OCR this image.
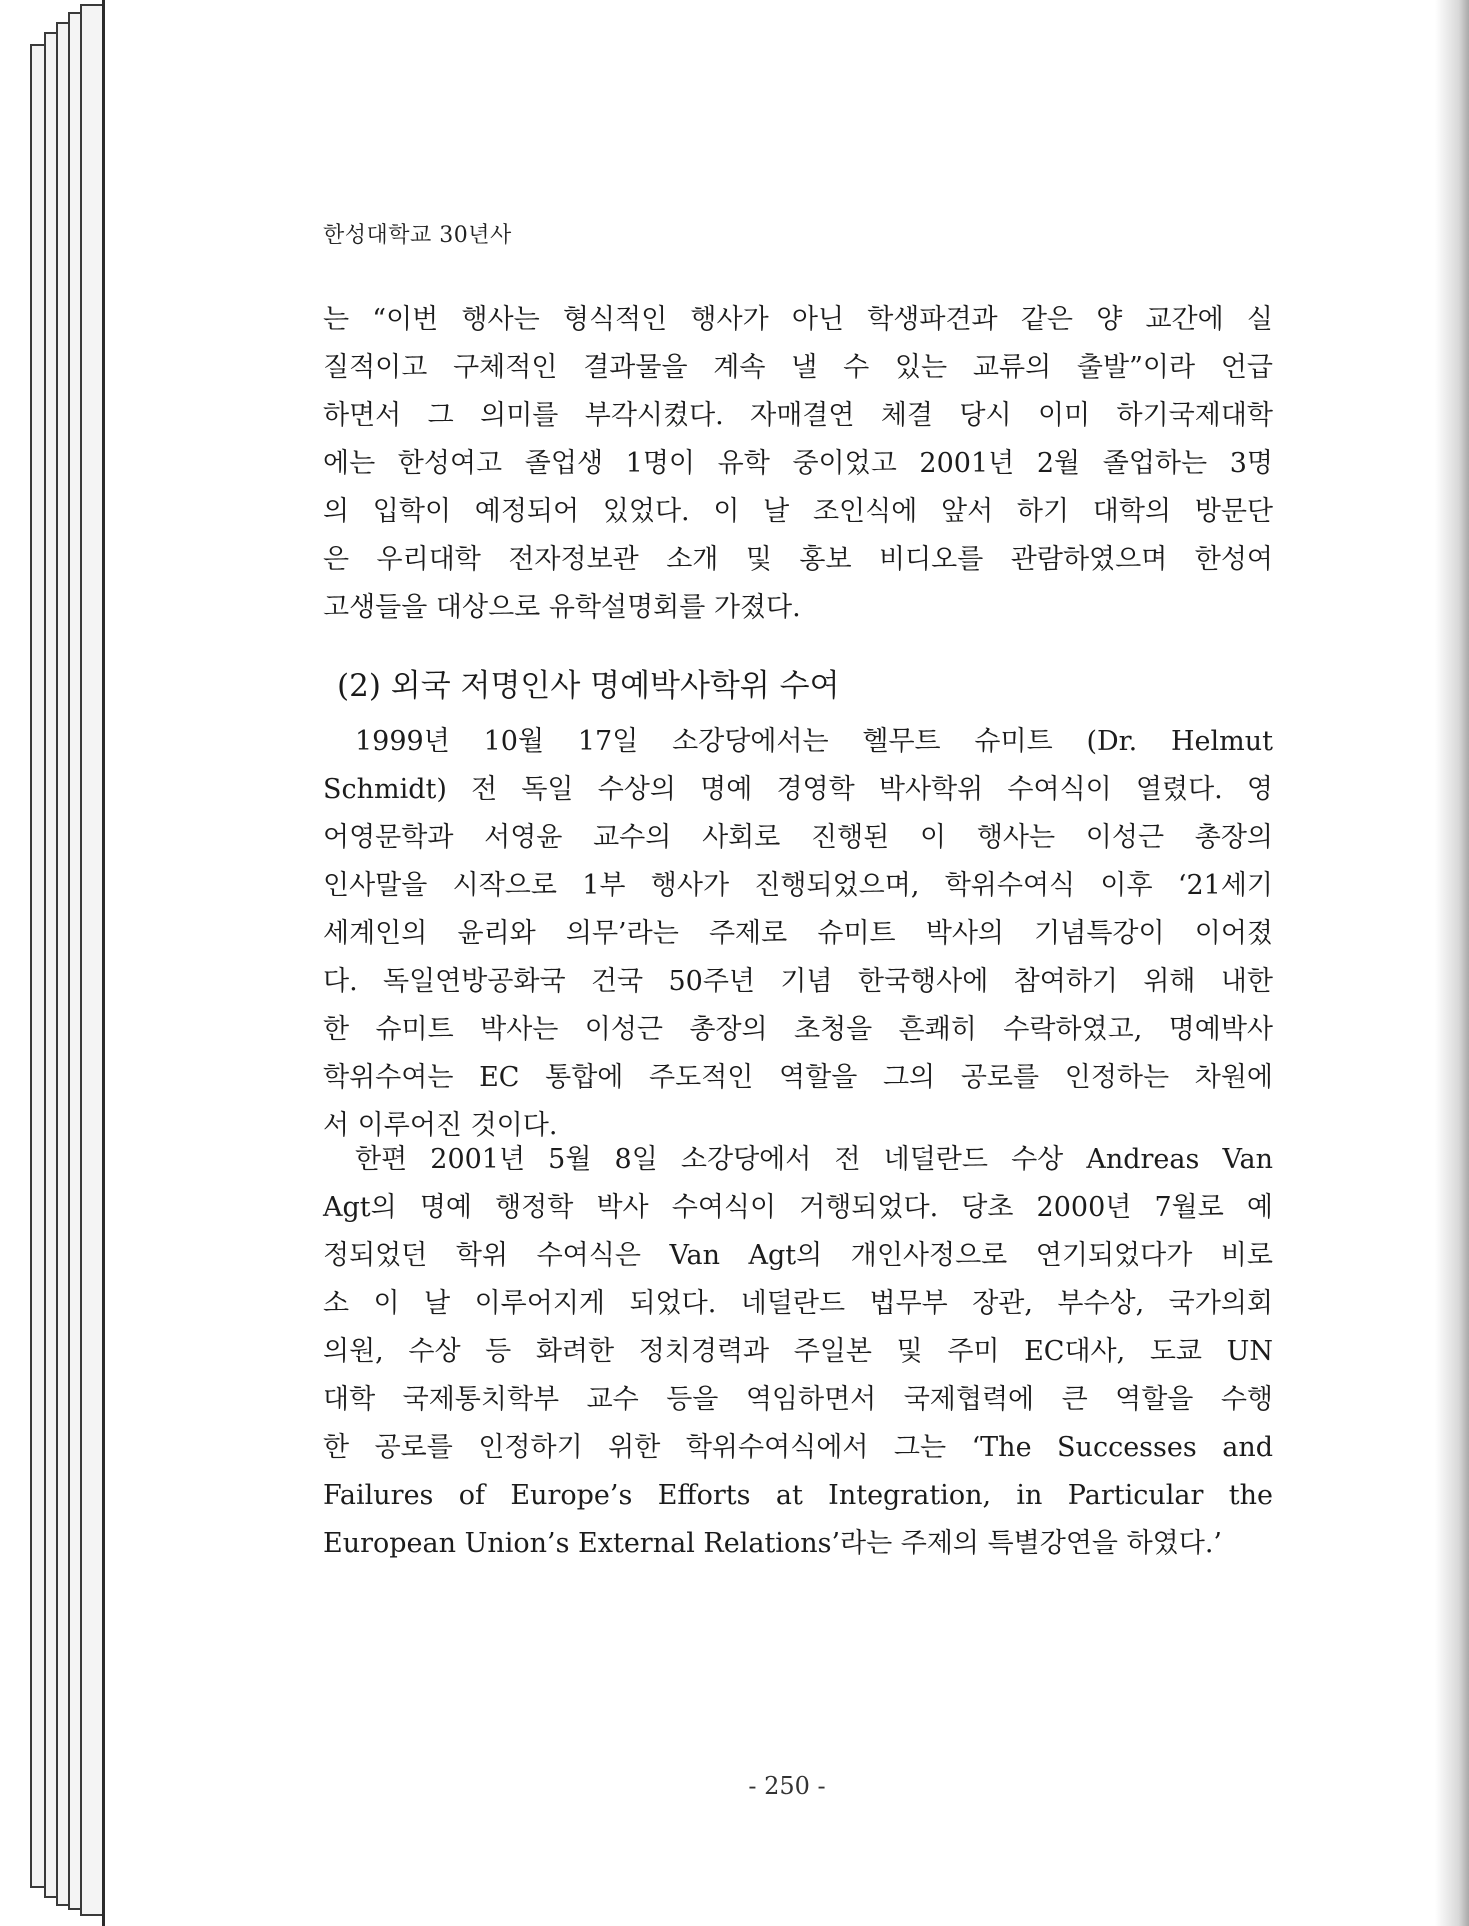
한성대학교 30년사
는 “이번 행사는 형식적인 행사가 아닌 학생파견과 같은 양 교간에 실
질적이고 구체적인 결과물을 계속 낼 수 있는 교류의 출발”이라 언급
하면서 그 의미를 부각시켰다. 자매결연 체결 당시 이미 하기국제대학
에는 한성여고 졸업생 1명이 유학 중이었고 2001년 2월 졸업하는 3명
의 입학이 예정되어 있었다. 이 날 조인식에 앞서 하기 대학의 방문단
은 우리대학 전자정보관 소개 및 홍보 비디오를 관람하였으며 한성여
고생들을 대상으로 유학설명회를 가졌다.
(2) 외국 저명인사 명예박사학위 수여
1999년 10월 17일 소강당에서는 헬무트 슈미트 (Dr. Helmut
Schmidt) 전 독일 수상의 명예 경영학 박사학위 수여식이 열렸다. 영
어영문학과 서영윤 교수의 사회로 진행된 이 행사는 이성근 총장의
인사말을 시작으로 1부 행사가 진행되었으며, 학위수여식 이후 ‘21세기
세계인의 윤리와 의무’라는 주제로 슈미트 박사의 기념특강이 이어졌
다. 독일연방공화국 건국 50주년 기념 한국행사에 참여하기 위해 내한
한 슈미트 박사는 이성근 총장의 초청을 흔쾌히 수락하였고, 명예박사
학위수여는 EC 통합에 주도적인 역할을 그의 공로를 인정하는 차원에
서 이루어진 것이다.
한편 2001년 5월 8일 소강당에서 전 네덜란드 수상 Andreas Van
Agt의 명예 행정학 박사 수여식이 거행되었다. 당초 2000년 7월로 예
정되었던 학위 수여식은 Van Agt의 개인사정으로 연기되었다가 비로
소 이 날 이루어지게 되었다. 네덜란드 법무부 장관, 부수상, 국가의회
의원, 수상 등 화려한 정치경력과 주일본 및 주미 EC대사, 도쿄 UN
대학 국제통치학부 교수 등을 역임하면서 국제협력에 큰 역할을 수행
한 공로를 인정하기 위한 학위수여식에서 그는 ‘The Successes and
Failures of Europe’s Efforts at Integration, in Particular the
European Union’s External Relations’라는 주제의 특별강연을 하였다.’
- 250 -
